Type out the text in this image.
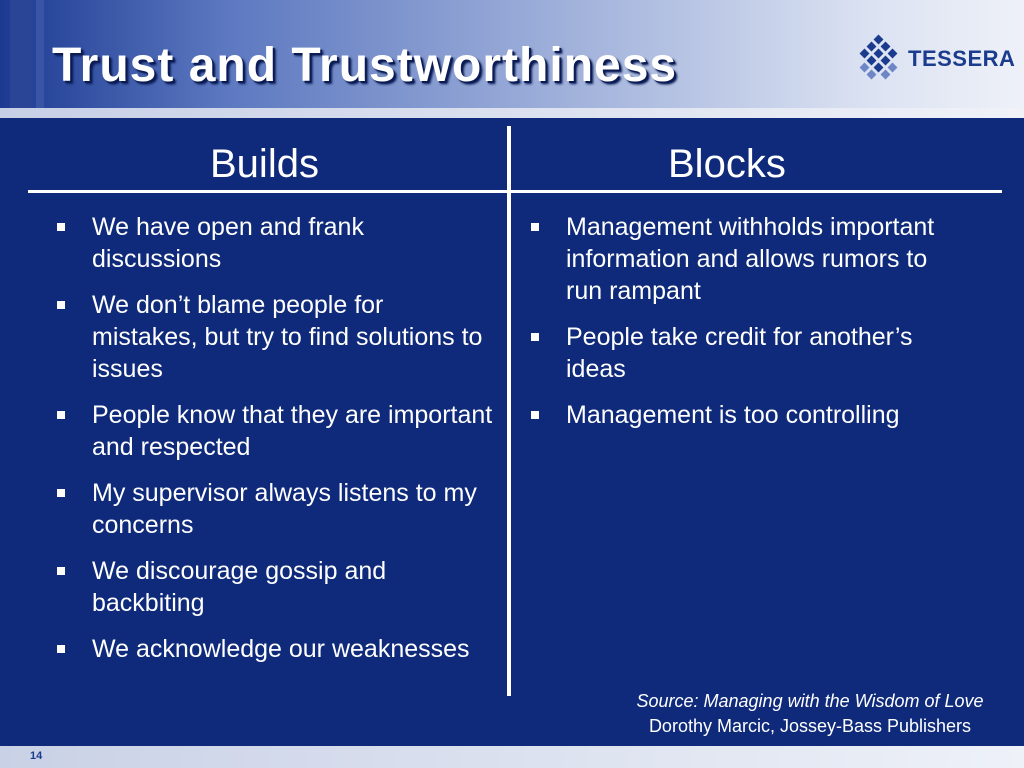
Trust and Trustworthiness	TESSERA
Builds	Blocks
We have open and frank discussions
We don’t blame people for mistakes, but try to find solutions to issues
People know that they are important and respected
My supervisor always listens to my concerns
We discourage gossip and backbiting
We acknowledge our weaknesses
Management withholds important information and allows rumors to run rampant
People take credit for another’s ideas
Management is too controlling
Source: Managing with the Wisdom of Love
Dorothy Marcic, Jossey-Bass Publishers
14
